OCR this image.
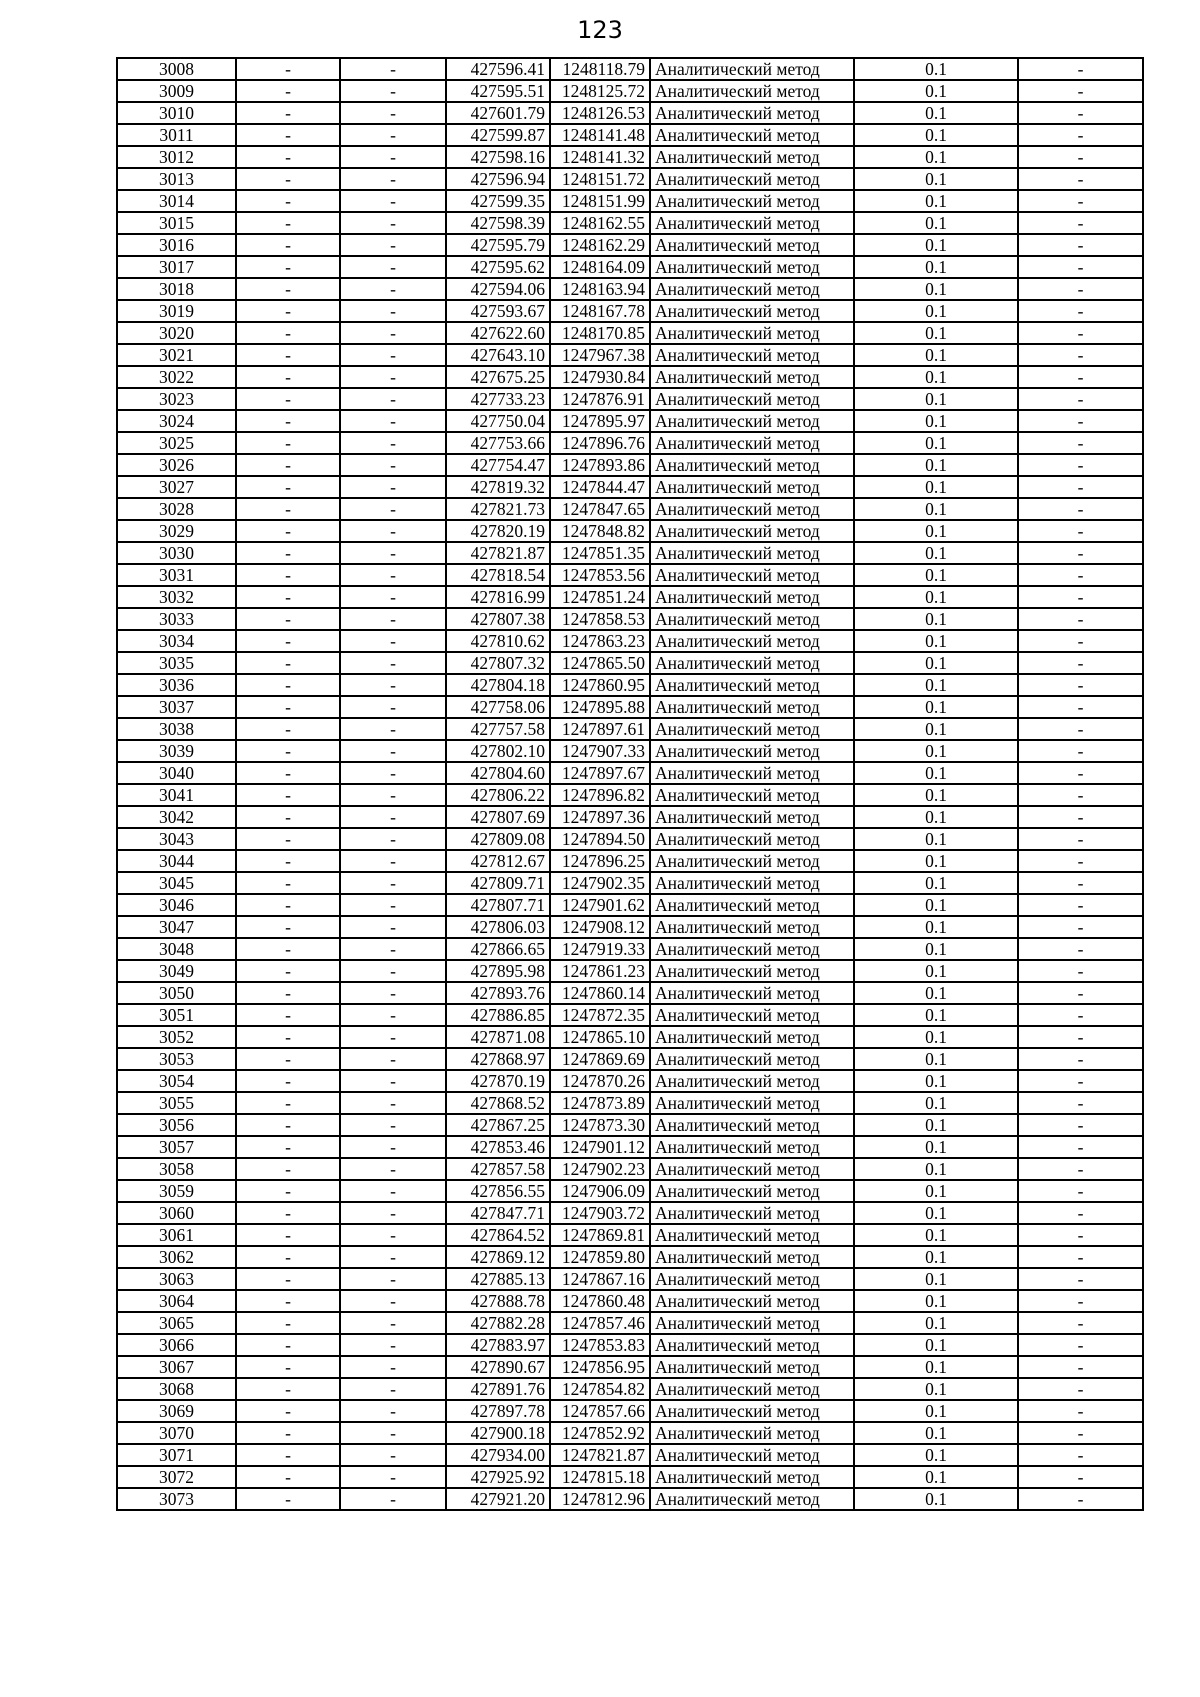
123
3008	-	-	427596.41	1248118.79	Аналитический метод	0.1	-
3009	-	-	427595.51	1248125.72	Аналитический метод	0.1	-
3010	-	-	427601.79	1248126.53	Аналитический метод	0.1	-
3011	-	-	427599.87	1248141.48	Аналитический метод	0.1	-
3012	-	-	427598.16	1248141.32	Аналитический метод	0.1	-
3013	-	-	427596.94	1248151.72	Аналитический метод	0.1	-
3014	-	-	427599.35	1248151.99	Аналитический метод	0.1	-
3015	-	-	427598.39	1248162.55	Аналитический метод	0.1	-
3016	-	-	427595.79	1248162.29	Аналитический метод	0.1	-
3017	-	-	427595.62	1248164.09	Аналитический метод	0.1	-
3018	-	-	427594.06	1248163.94	Аналитический метод	0.1	-
3019	-	-	427593.67	1248167.78	Аналитический метод	0.1	-
3020	-	-	427622.60	1248170.85	Аналитический метод	0.1	-
3021	-	-	427643.10	1247967.38	Аналитический метод	0.1	-
3022	-	-	427675.25	1247930.84	Аналитический метод	0.1	-
3023	-	-	427733.23	1247876.91	Аналитический метод	0.1	-
3024	-	-	427750.04	1247895.97	Аналитический метод	0.1	-
3025	-	-	427753.66	1247896.76	Аналитический метод	0.1	-
3026	-	-	427754.47	1247893.86	Аналитический метод	0.1	-
3027	-	-	427819.32	1247844.47	Аналитический метод	0.1	-
3028	-	-	427821.73	1247847.65	Аналитический метод	0.1	-
3029	-	-	427820.19	1247848.82	Аналитический метод	0.1	-
3030	-	-	427821.87	1247851.35	Аналитический метод	0.1	-
3031	-	-	427818.54	1247853.56	Аналитический метод	0.1	-
3032	-	-	427816.99	1247851.24	Аналитический метод	0.1	-
3033	-	-	427807.38	1247858.53	Аналитический метод	0.1	-
3034	-	-	427810.62	1247863.23	Аналитический метод	0.1	-
3035	-	-	427807.32	1247865.50	Аналитический метод	0.1	-
3036	-	-	427804.18	1247860.95	Аналитический метод	0.1	-
3037	-	-	427758.06	1247895.88	Аналитический метод	0.1	-
3038	-	-	427757.58	1247897.61	Аналитический метод	0.1	-
3039	-	-	427802.10	1247907.33	Аналитический метод	0.1	-
3040	-	-	427804.60	1247897.67	Аналитический метод	0.1	-
3041	-	-	427806.22	1247896.82	Аналитический метод	0.1	-
3042	-	-	427807.69	1247897.36	Аналитический метод	0.1	-
3043	-	-	427809.08	1247894.50	Аналитический метод	0.1	-
3044	-	-	427812.67	1247896.25	Аналитический метод	0.1	-
3045	-	-	427809.71	1247902.35	Аналитический метод	0.1	-
3046	-	-	427807.71	1247901.62	Аналитический метод	0.1	-
3047	-	-	427806.03	1247908.12	Аналитический метод	0.1	-
3048	-	-	427866.65	1247919.33	Аналитический метод	0.1	-
3049	-	-	427895.98	1247861.23	Аналитический метод	0.1	-
3050	-	-	427893.76	1247860.14	Аналитический метод	0.1	-
3051	-	-	427886.85	1247872.35	Аналитический метод	0.1	-
3052	-	-	427871.08	1247865.10	Аналитический метод	0.1	-
3053	-	-	427868.97	1247869.69	Аналитический метод	0.1	-
3054	-	-	427870.19	1247870.26	Аналитический метод	0.1	-
3055	-	-	427868.52	1247873.89	Аналитический метод	0.1	-
3056	-	-	427867.25	1247873.30	Аналитический метод	0.1	-
3057	-	-	427853.46	1247901.12	Аналитический метод	0.1	-
3058	-	-	427857.58	1247902.23	Аналитический метод	0.1	-
3059	-	-	427856.55	1247906.09	Аналитический метод	0.1	-
3060	-	-	427847.71	1247903.72	Аналитический метод	0.1	-
3061	-	-	427864.52	1247869.81	Аналитический метод	0.1	-
3062	-	-	427869.12	1247859.80	Аналитический метод	0.1	-
3063	-	-	427885.13	1247867.16	Аналитический метод	0.1	-
3064	-	-	427888.78	1247860.48	Аналитический метод	0.1	-
3065	-	-	427882.28	1247857.46	Аналитический метод	0.1	-
3066	-	-	427883.97	1247853.83	Аналитический метод	0.1	-
3067	-	-	427890.67	1247856.95	Аналитический метод	0.1	-
3068	-	-	427891.76	1247854.82	Аналитический метод	0.1	-
3069	-	-	427897.78	1247857.66	Аналитический метод	0.1	-
3070	-	-	427900.18	1247852.92	Аналитический метод	0.1	-
3071	-	-	427934.00	1247821.87	Аналитический метод	0.1	-
3072	-	-	427925.92	1247815.18	Аналитический метод	0.1	-
3073	-	-	427921.20	1247812.96	Аналитический метод	0.1	-
